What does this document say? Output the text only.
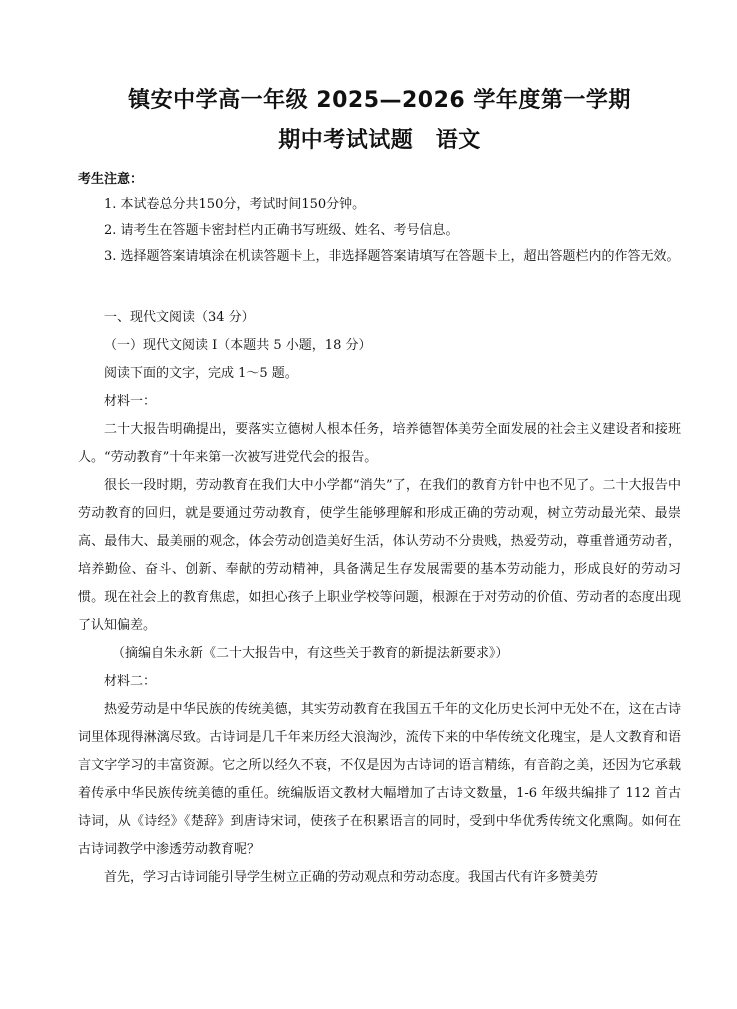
镇安中学高一年级 2025—2026 学年度第一学期
期中考试试题　语文

考生注意：

1. 本试卷总分共150分，考试时间150分钟。

2. 请考生在答题卡密封栏内正确书写班级、姓名、考号信息。

3. 选择题答案请填涂在机读答题卡上，非选择题答案请填写在答题卡上，超出答题栏内的作答无效。

一、现代文阅读（34 分）

（一）现代文阅读 I（本题共 5 小题，18 分）

阅读下面的文字，完成 1～5 题。

材料一：

二十大报告明确提出，要落实立德树人根本任务，培养德智体美劳全面发展的社会主义建设者和接班人。“劳动教育”十年来第一次被写进党代会的报告。

很长一段时期，劳动教育在我们大中小学都“消失”了，在我们的教育方针中也不见了。二十大报告中劳动教育的回归，就是要通过劳动教育，使学生能够理解和形成正确的劳动观，树立劳动最光荣、最崇高、最伟大、最美丽的观念，体会劳动创造美好生活，体认劳动不分贵贱，热爱劳动，尊重普通劳动者，培养勤俭、奋斗、创新、奉献的劳动精神，具备满足生存发展需要的基本劳动能力，形成良好的劳动习惯。现在社会上的教育焦虑，如担心孩子上职业学校等问题，根源在于对劳动的价值、劳动者的态度出现了认知偏差。

（摘编自朱永新《二十大报告中，有这些关于教育的新提法新要求》）

材料二：

热爱劳动是中华民族的传统美德，其实劳动教育在我国五千年的文化历史长河中无处不在，这在古诗词里体现得淋漓尽致。古诗词是几千年来历经大浪淘沙，流传下来的中华传统文化瑰宝，是人文教育和语言文字学习的丰富资源。它之所以经久不衰，不仅是因为古诗词的语言精练，有音韵之美，还因为它承载着传承中华民族传统美德的重任。统编版语文教材大幅增加了古诗文数量，1-6 年级共编排了 112 首古诗词，从《诗经》《楚辞》到唐诗宋词，使孩子在积累语言的同时，受到中华优秀传统文化熏陶。如何在古诗词教学中渗透劳动教育呢？

首先，学习古诗词能引导学生树立正确的劳动观点和劳动态度。我国古代有许多赞美劳
